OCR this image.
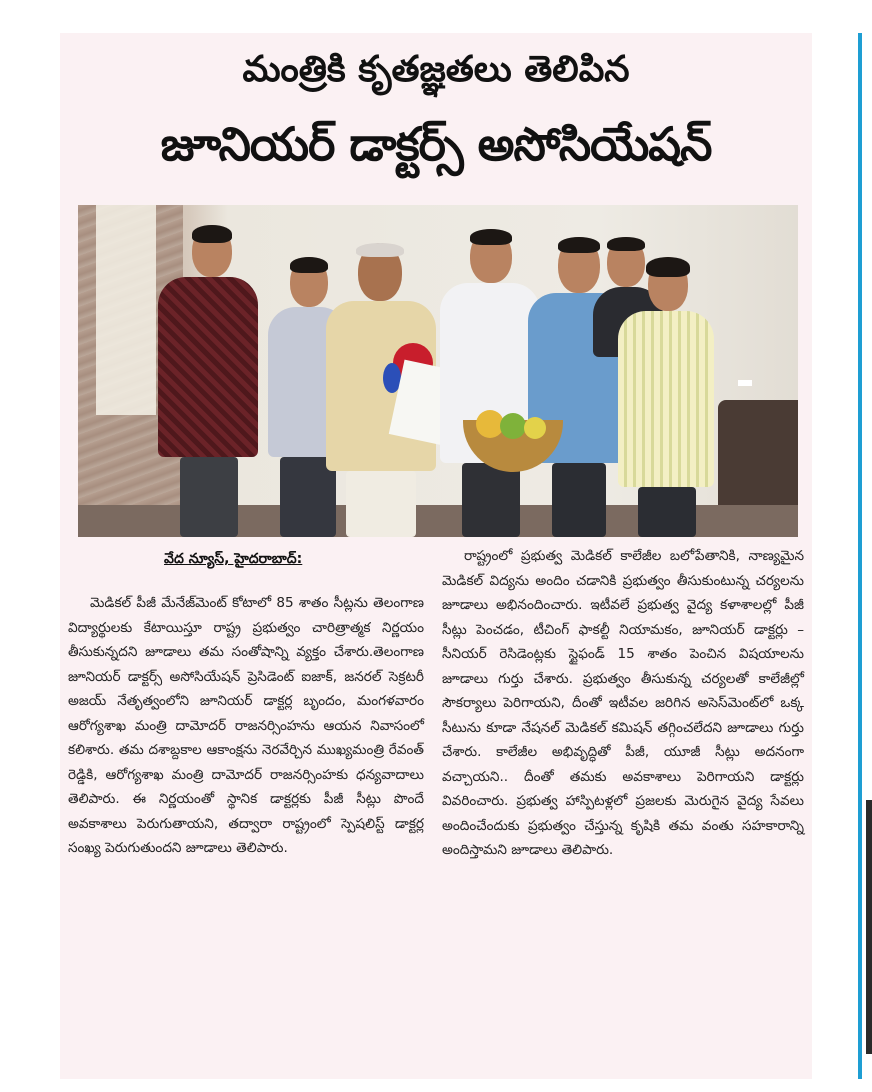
మంత్రికి కృతజ్ఞతలు తెలిపిన
జూనియర్ డాక్టర్స్ అసోసియేషన్
వేద న్యూస్, హైదరాబాద్:

మెడికల్ పీజీ మేనేజ్‌మెంట్ కోటాలో 85 శాతం సీట్లను తెలంగాణ విద్యార్థులకు కేటాయిస్తూ రాష్ట్ర ప్రభుత్వం చారిత్రాత్మక నిర్ణయం తీసుకున్నదని జూడాలు తమ సంతోషాన్ని వ్యక్తం చేశారు.తెలంగాణ జూనియర్ డాక్టర్స్ అసోసియేషన్ ప్రెసిడెంట్ ఐజాక్, జనరల్ సెక్రటరీ అజయ్ నేతృత్వంలోని జూనియర్ డాక్టర్ల బృందం, మంగళవారం ఆరోగ్యశాఖ మంత్రి దామోదర్ రాజనర్సింహను ఆయన నివాసంలో కలిశారు. తమ దశాబ్దకాల ఆకాంక్షను నెరవేర్చిన ముఖ్యమంత్రి రేవంత్ రెడ్డికి, ఆరోగ్యశాఖ మంత్రి దామోదర్ రాజనర్సింహకు ధన్యవాదాలు తెలిపారు. ఈ నిర్ణయంతో స్థానిక డాక్టర్లకు పీజీ సీట్లు పొందే అవకాశాలు పెరుగుతాయని, తద్వారా రాష్ట్రంలో స్పెషలిస్ట్ డాక్టర్ల సంఖ్య పెరుగుతుందని జూడాలు తెలిపారు.

రాష్ట్రంలో ప్రభుత్వ మెడికల్ కాలేజీల బలోపేతానికి, నాణ్యమైన మెడికల్ విద్యను అందిం చడానికి ప్రభుత్వం తీసుకుంటున్న చర్యలను జూడాలు అభినందించారు. ఇటీవలే ప్రభుత్వ వైద్య కళాశాలల్లో పీజీ సీట్లు పెంచడం, టీచింగ్ ఫాకల్టీ నియామకం, జూనియర్ డాక్టర్లు – సీనియర్ రెసిడెంట్లకు స్టైఫండ్ 15 శాతం పెంచిన విషయాలను జూడాలు గుర్తు చేశారు. ప్రభుత్వం తీసుకున్న చర్యలతో కాలేజీల్లో సౌకర్యాలు పెరిగాయని, దీంతో ఇటీవల జరిగిన అసెస్‌మెంట్‌లో ఒక్క సీటును కూడా నేషనల్ మెడికల్ కమిషన్ తగ్గించలేదని జూడాలు గుర్తు చేశారు. కాలేజీల అభివృద్ధితో పీజీ, యూజీ సీట్లు అదనంగా వచ్చాయని.. దీంతో తమకు అవకాశాలు పెరిగాయని డాక్టర్లు వివరించారు. ప్రభుత్వ హాస్పిటళ్లలో ప్రజలకు మెరుగైన వైద్య సేవలు అందించేందుకు ప్రభుత్వం చేస్తున్న కృషికి తమ వంతు సహకారాన్ని అందిస్తామని జూడాలు తెలిపారు.
